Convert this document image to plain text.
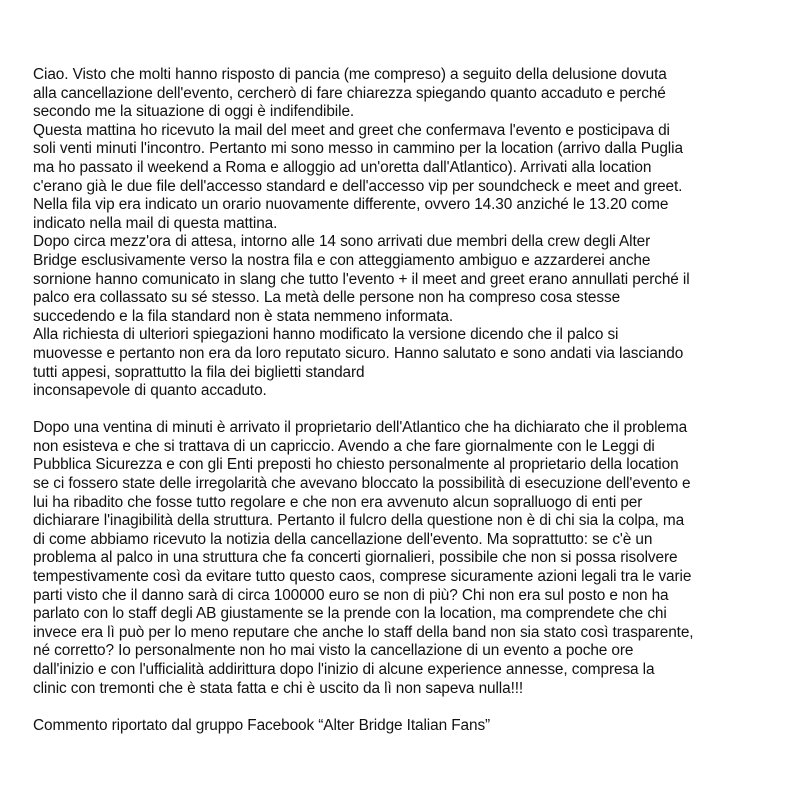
Ciao. Visto che molti hanno risposto di pancia (me compreso) a seguito della delusione dovuta
alla cancellazione dell'evento, cercherò di fare chiarezza spiegando quanto accaduto e perché
secondo me la situazione di oggi è indifendibile.
Questa mattina ho ricevuto la mail del meet and greet che confermava l'evento e posticipava di
soli venti minuti l'incontro. Pertanto mi sono messo in cammino per la location (arrivo dalla Puglia
ma ho passato il weekend a Roma e alloggio ad un'oretta dall'Atlantico). Arrivati alla location
c'erano già le due file dell'accesso standard e dell'accesso vip per soundcheck e meet and greet.
Nella fila vip era indicato un orario nuovamente differente, ovvero 14.30 anziché le 13.20 come
indicato nella mail di questa mattina.
Dopo circa mezz'ora di attesa, intorno alle 14 sono arrivati due membri della crew degli Alter
Bridge esclusivamente verso la nostra fila e con atteggiamento ambiguo e azzarderei anche
sornione hanno comunicato in slang che tutto l'evento + il meet and greet erano annullati perché il
palco era collassato su sé stesso. La metà delle persone non ha compreso cosa stesse
succedendo e la fila standard non è stata nemmeno informata.
Alla richiesta di ulteriori spiegazioni hanno modificato la versione dicendo che il palco si
muovesse e pertanto non era da loro reputato sicuro. Hanno salutato e sono andati via lasciando
tutti appesi, soprattutto la fila dei biglietti standard
inconsapevole di quanto accaduto.
Dopo una ventina di minuti è arrivato il proprietario dell'Atlantico che ha dichiarato che il problema
non esisteva e che si trattava di un capriccio. Avendo a che fare giornalmente con le Leggi di
Pubblica Sicurezza e con gli Enti preposti ho chiesto personalmente al proprietario della location
se ci fossero state delle irregolarità che avevano bloccato la possibilità di esecuzione dell'evento e
lui ha ribadito che fosse tutto regolare e che non era avvenuto alcun sopralluogo di enti per
dichiarare l'inagibilità della struttura. Pertanto il fulcro della questione non è di chi sia la colpa, ma
di come abbiamo ricevuto la notizia della cancellazione dell'evento. Ma soprattutto: se c'è un
problema al palco in una struttura che fa concerti giornalieri, possibile che non si possa risolvere
tempestivamente così da evitare tutto questo caos, comprese sicuramente azioni legali tra le varie
parti visto che il danno sarà di circa 100000 euro se non di più? Chi non era sul posto e non ha
parlato con lo staff degli AB giustamente se la prende con la location, ma comprendete che chi
invece era lì può per lo meno reputare che anche lo staff della band non sia stato così trasparente,
né corretto? Io personalmente non ho mai visto la cancellazione di un evento a poche ore
dall'inizio e con l'ufficialità addirittura dopo l'inizio di alcune experience annesse, compresa la
clinic con tremonti che è stata fatta e chi è uscito da lì non sapeva nulla!!!
Commento riportato dal gruppo Facebook “Alter Bridge Italian Fans”
